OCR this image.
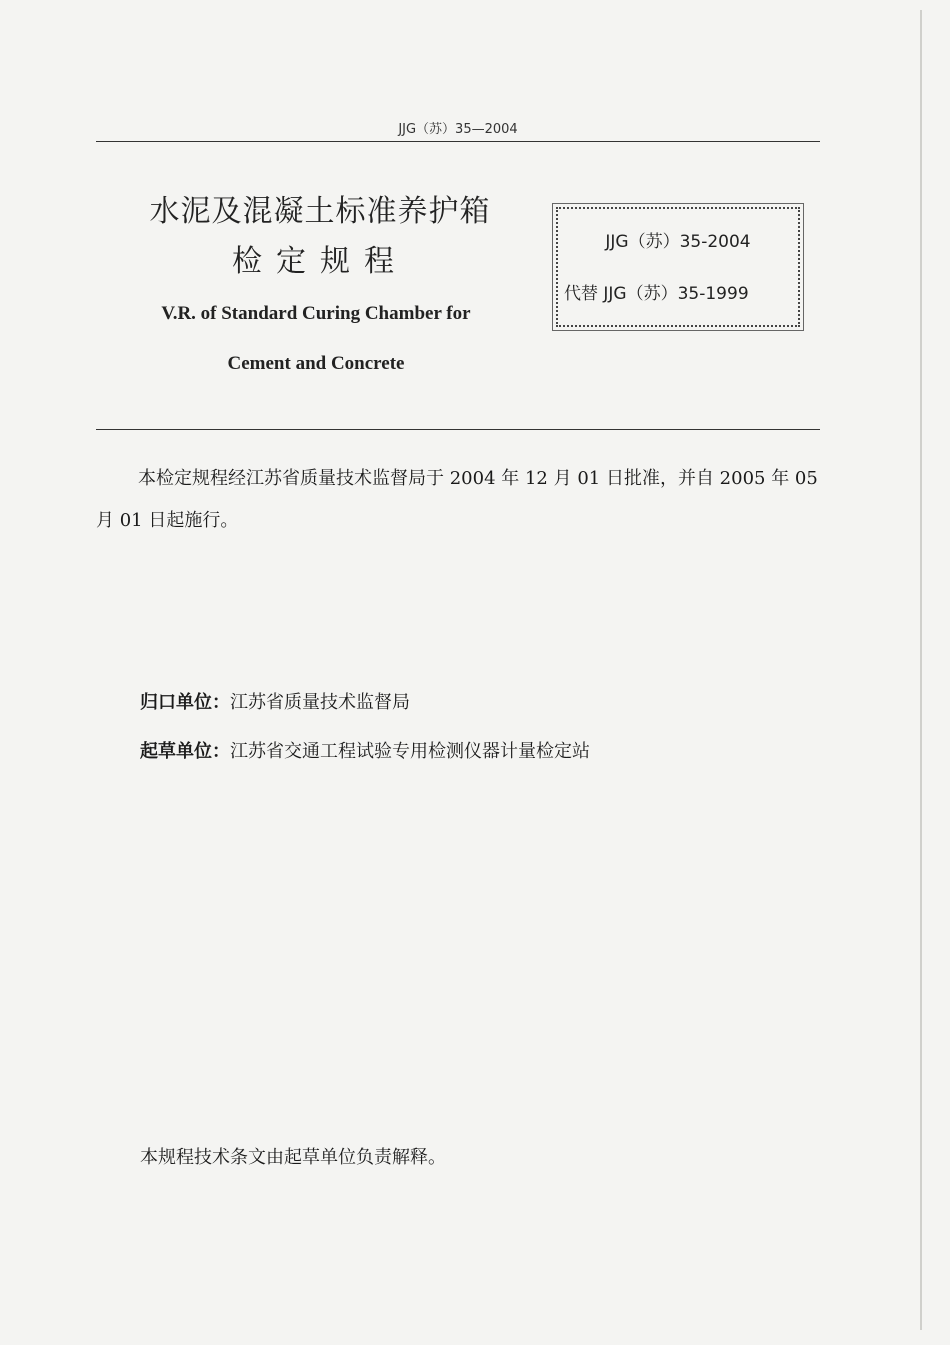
JJG（苏）35—2004
水泥及混凝土标准养护箱
检定规程
JJG（苏）35-2004
代替 JJG（苏）35-1999
V.R. of Standard Curing Chamber for
Cement and Concrete
本检定规程经江苏省质量技术监督局于 2004 年 12 月 01 日批准，并自 2005 年 05 月 01 日起施行。
归口单位：江苏省质量技术监督局
起草单位：江苏省交通工程试验专用检测仪器计量检定站
本规程技术条文由起草单位负责解释。
